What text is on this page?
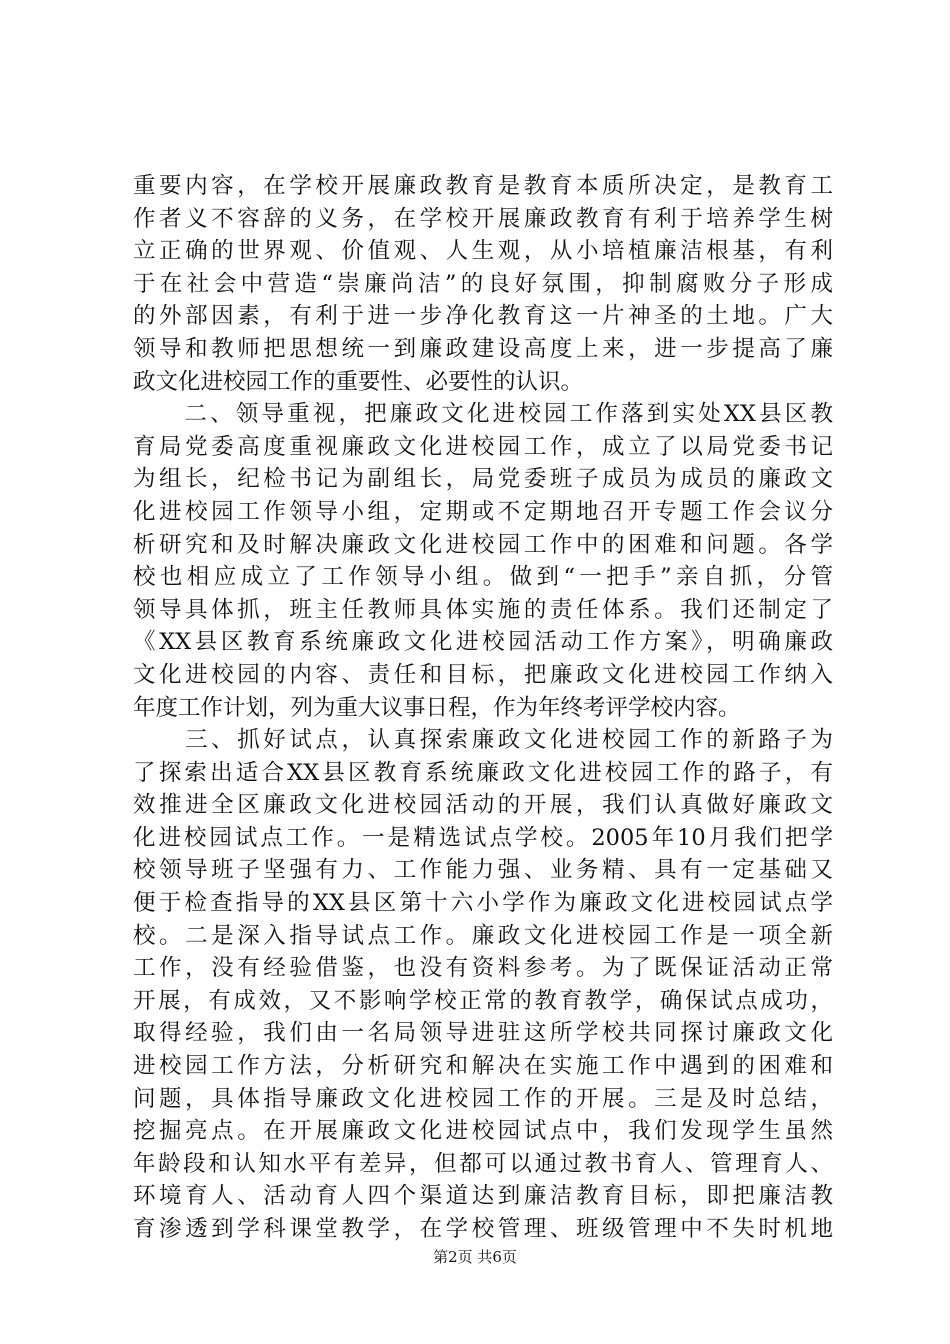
重要内容，在学校开展廉政教育是教育本质所决定，是教育工
作者义不容辞的义务，在学校开展廉政教育有利于培养学生树
立正确的世界观、价值观、人生观，从小培植廉洁根基，有利
于在社会中营造“崇廉尚洁”的良好氛围，抑制腐败分子形成
的外部因素，有利于进一步净化教育这一片神圣的土地。广大
领导和教师把思想统一到廉政建设高度上来，进一步提高了廉
政文化进校园工作的重要性、必要性的认识。
　　二、领导重视，把廉政文化进校园工作落到实处XX县区教
育局党委高度重视廉政文化进校园工作，成立了以局党委书记
为组长，纪检书记为副组长，局党委班子成员为成员的廉政文
化进校园工作领导小组，定期或不定期地召开专题工作会议分
析研究和及时解决廉政文化进校园工作中的困难和问题。各学
校也相应成立了工作领导小组。做到“一把手”亲自抓，分管
领导具体抓，班主任教师具体实施的责任体系。我们还制定了
《XX县区教育系统廉政文化进校园活动工作方案》，明确廉政
文化进校园的内容、责任和目标，把廉政文化进校园工作纳入
年度工作计划，列为重大议事日程，作为年终考评学校内容。
　　三、抓好试点，认真探索廉政文化进校园工作的新路子为
了探索出适合XX县区教育系统廉政文化进校园工作的路子，有
效推进全区廉政文化进校园活动的开展，我们认真做好廉政文
化进校园试点工作。一是精选试点学校。2005年10月我们把学
校领导班子坚强有力、工作能力强、业务精、具有一定基础又
便于检查指导的XX县区第十六小学作为廉政文化进校园试点学
校。二是深入指导试点工作。廉政文化进校园工作是一项全新
工作，没有经验借鉴，也没有资料参考。为了既保证活动正常
开展，有成效，又不影响学校正常的教育教学，确保试点成功，
取得经验，我们由一名局领导进驻这所学校共同探讨廉政文化
进校园工作方法，分析研究和解决在实施工作中遇到的困难和
问题，具体指导廉政文化进校园工作的开展。三是及时总结，
挖掘亮点。在开展廉政文化进校园试点中，我们发现学生虽然
年龄段和认知水平有差异，但都可以通过教书育人、管理育人、
环境育人、活动育人四个渠道达到廉洁教育目标，即把廉洁教
育渗透到学科课堂教学，在学校管理、班级管理中不失时机地
第2页 共6页
